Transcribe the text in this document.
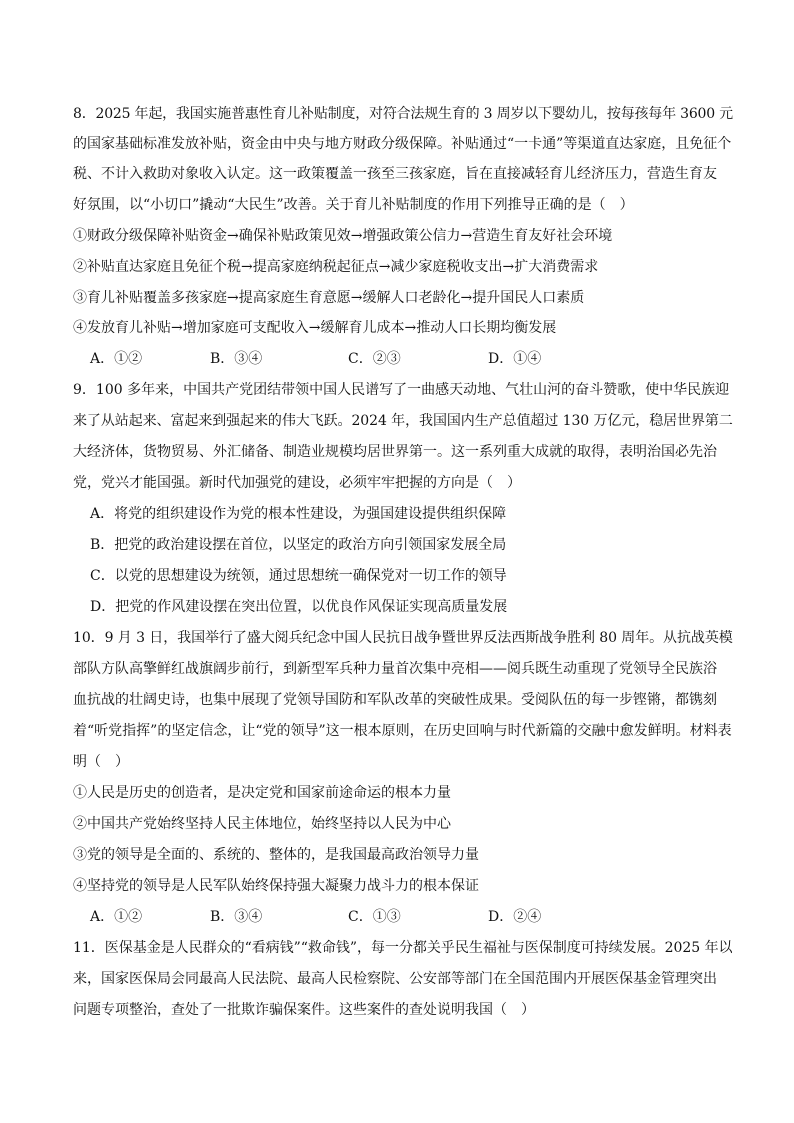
8．2025 年起，我国实施普惠性育儿补贴制度，对符合法规生育的 3 周岁以下婴幼儿，按每孩每年 3600 元
的国家基础标准发放补贴，资金由中央与地方财政分级保障。补贴通过“一卡通”等渠道直达家庭，且免征个
税、不计入救助对象收入认定。这一政策覆盖一孩至三孩家庭，旨在直接减轻育儿经济压力，营造生育友
好氛围，以“小切口”撬动“大民生”改善。关于育儿补贴制度的作用下列推导正确的是（　）
①财政分级保障补贴资金→确保补贴政策见效→增强政策公信力→营造生育友好社会环境
②补贴直达家庭且免征个税→提高家庭纳税起征点→减少家庭税收支出→扩大消费需求
③育儿补贴覆盖多孩家庭→提高家庭生育意愿→缓解人口老龄化→提升国民人口素质
④发放育儿补贴→增加家庭可支配收入→缓解育儿成本→推动人口长期均衡发展
A．①②	B．③④	C．②③	D．①④
9．100 多年来，中国共产党团结带领中国人民谱写了一曲感天动地、气壮山河的奋斗赞歌，使中华民族迎
来了从站起来、富起来到强起来的伟大飞跃。2024 年，我国国内生产总值超过 130 万亿元，稳居世界第二
大经济体，货物贸易、外汇储备、制造业规模均居世界第一。这一系列重大成就的取得，表明治国必先治
党，党兴才能国强。新时代加强党的建设，必须牢牢把握的方向是（　）
A．将党的组织建设作为党的根本性建设，为强国建设提供组织保障
B．把党的政治建设摆在首位，以坚定的政治方向引领国家发展全局
C．以党的思想建设为统领，通过思想统一确保党对一切工作的领导
D．把党的作风建设摆在突出位置，以优良作风保证实现高质量发展
10．9 月 3 日，我国举行了盛大阅兵纪念中国人民抗日战争暨世界反法西斯战争胜利 80 周年。从抗战英模
部队方队高擎鲜红战旗阔步前行，到新型军兵种力量首次集中亮相——阅兵既生动重现了党领导全民族浴
血抗战的壮阔史诗，也集中展现了党领导国防和军队改革的突破性成果。受阅队伍的每一步铿锵，都镌刻
着“听党指挥”的坚定信念，让“党的领导”这一根本原则，在历史回响与时代新篇的交融中愈发鲜明。材料表
明（　）
①人民是历史的创造者，是决定党和国家前途命运的根本力量
②中国共产党始终坚持人民主体地位，始终坚持以人民为中心
③党的领导是全面的、系统的、整体的，是我国最高政治领导力量
④坚持党的领导是人民军队始终保持强大凝聚力战斗力的根本保证
A．①②	B．③④	C．①③	D．②④
11．医保基金是人民群众的“看病钱”“救命钱”，每一分都关乎民生福祉与医保制度可持续发展。2025 年以
来，国家医保局会同最高人民法院、最高人民检察院、公安部等部门在全国范围内开展医保基金管理突出
问题专项整治，查处了一批欺诈骗保案件。这些案件的查处说明我国（　）
